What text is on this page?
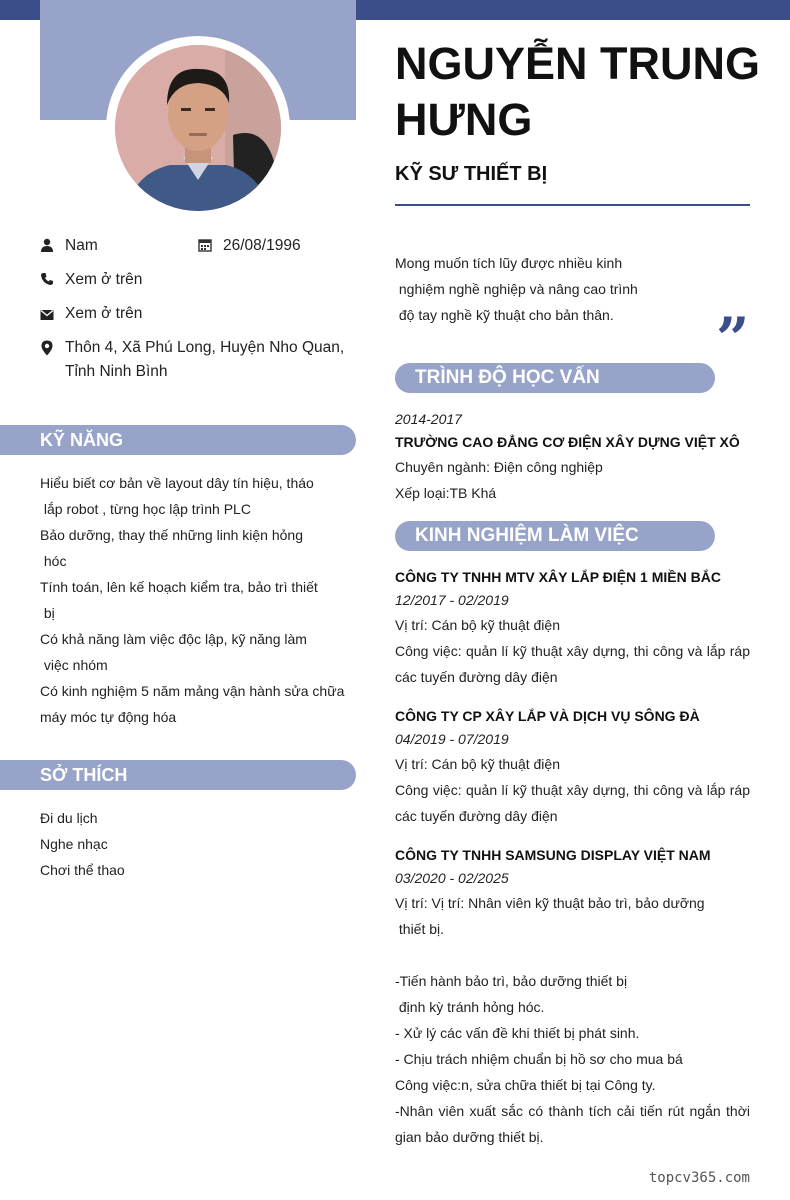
Nam	26/08/1996
Xem ở trên
Xem ở trên
Thôn 4, Xã Phú Long, Huyện Nho Quan, Tỉnh Ninh Bình
KỸ NĂNG
Hiểu biết cơ bản về layout dây tín hiệu, tháo
lắp robot , từng học lập trình PLC
Bảo dưỡng, thay thế những linh kiện hỏng
hóc
Tính toán, lên kế hoạch kiểm tra, bảo trì thiết
bị
Có khả năng làm việc độc lập, kỹ năng làm
việc nhóm
Có kinh nghiệm 5 năm mảng vận hành sửa chữa
máy móc tự động hóa
SỞ THÍCH
Đi du lịch
Nghe nhạc
Chơi thể thao
NGUYỄN TRUNG HƯNG
KỸ SƯ THIẾT BỊ
Mong muốn tích lũy được nhiều kinh
nghiệm nghề nghiệp và nâng cao trình
độ tay nghề kỹ thuật cho bản thân.	”
TRÌNH ĐỘ HỌC VẤN
2014-2017
TRƯỜNG CAO ĐẲNG CƠ ĐIỆN XÂY DỰNG VIỆT XÔ
Chuyên ngành: Điện công nghiệp
Xếp loại:TB Khá
KINH NGHIỆM LÀM VIỆC
CÔNG TY TNHH MTV XÂY LẮP ĐIỆN 1 MIỀN BẮC
12/2017 - 02/2019
Vị trí: Cán bộ kỹ thuật điện
Công việc: quản lí kỹ thuật xây dựng, thi công và lắp ráp các tuyến đường dây điện
CÔNG TY CP XÂY LẮP VÀ DỊCH VỤ SÔNG ĐÀ
04/2019 - 07/2019
Vị trí: Cán bộ kỹ thuật điện
Công việc: quản lí kỹ thuật xây dựng, thi công và lắp ráp các tuyến đường dây điện
CÔNG TY TNHH SAMSUNG DISPLAY VIỆT NAM
03/2020 - 02/2025
Vị trí: Vị trí: Nhân viên kỹ thuật bảo trì, bảo dưỡng
thiết bị.
-Tiến hành bảo trì, bảo dưỡng thiết bị
định kỳ tránh hỏng hóc.
- Xử lý các vấn đề khi thiết bị phát sinh.
- Chịu trách nhiệm chuẩn bị hồ sơ cho mua bá
Công việc:n, sửa chữa thiết bị tại Công ty.
-Nhân viên xuất sắc có thành tích cải tiến rút ngắn thời gian bảo dưỡng thiết bị.
topcv365.com
